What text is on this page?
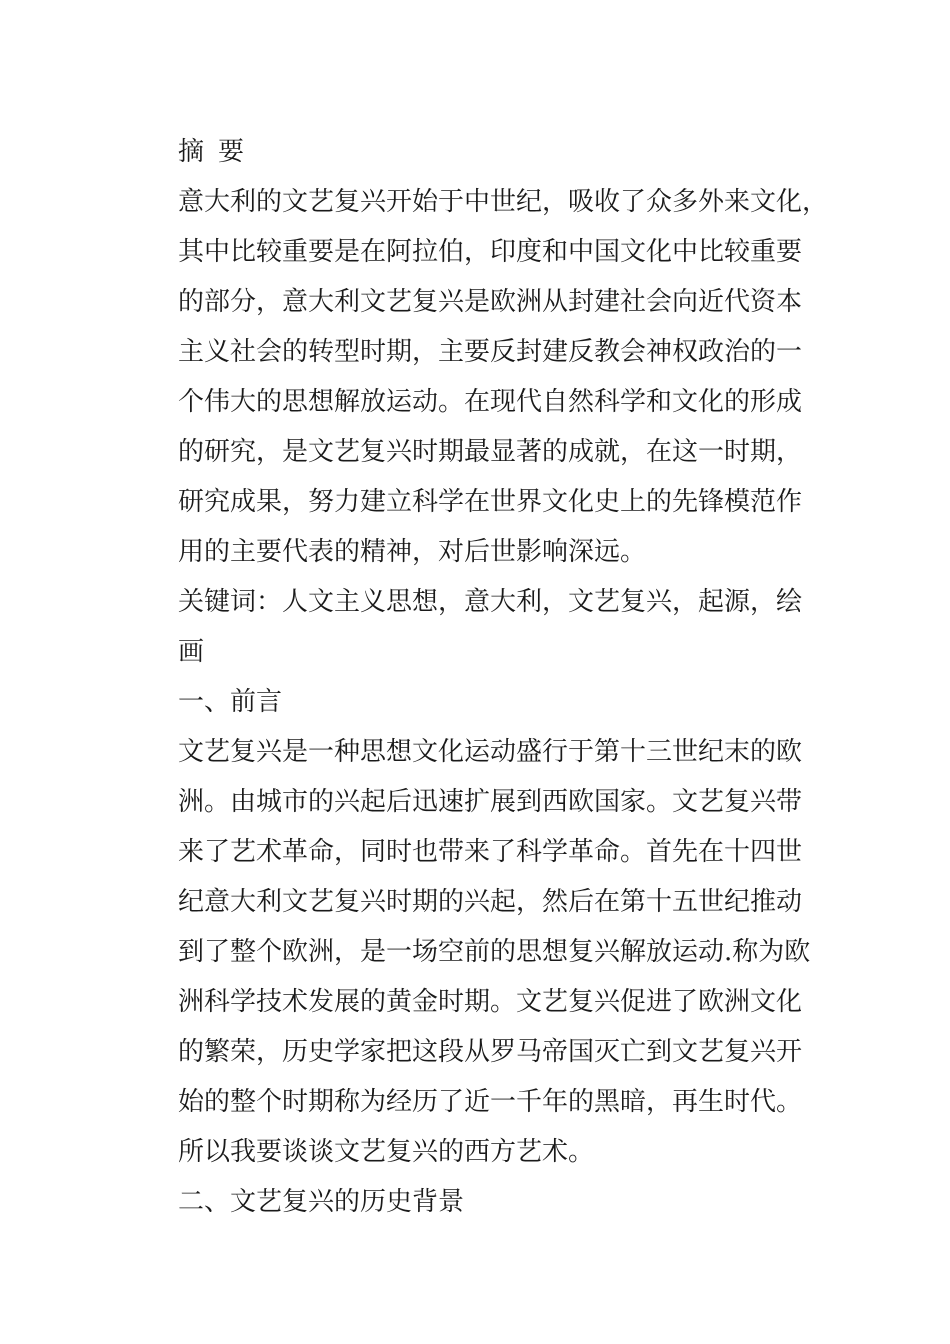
摘 要
意大利的文艺复兴开始于中世纪，吸收了众多外来文化，
其中比较重要是在阿拉伯，印度和中国文化中比较重要
的部分，意大利文艺复兴是欧洲从封建社会向近代资本
主义社会的转型时期，主要反封建反教会神权政治的一
个伟大的思想解放运动。在现代自然科学和文化的形成
的研究，是文艺复兴时期最显著的成就，在这一时期，
研究成果，努力建立科学在世界文化史上的先锋模范作
用的主要代表的精神，对后世影响深远。
关键词：人文主义思想，意大利，文艺复兴，起源，绘
画
一、前言
文艺复兴是一种思想文化运动盛行于第十三世纪末的欧
洲。由城市的兴起后迅速扩展到西欧国家。文艺复兴带
来了艺术革命，同时也带来了科学革命。首先在十四世
纪意大利文艺复兴时期的兴起，然后在第十五世纪推动
到了整个欧洲，是一场空前的思想复兴解放运动.称为欧
洲科学技术发展的黄金时期。文艺复兴促进了欧洲文化
的繁荣，历史学家把这段从罗马帝国灭亡到文艺复兴开
始的整个时期称为经历了近一千年的黑暗，再生时代。
所以我要谈谈文艺复兴的西方艺术。
二、文艺复兴的历史背景
